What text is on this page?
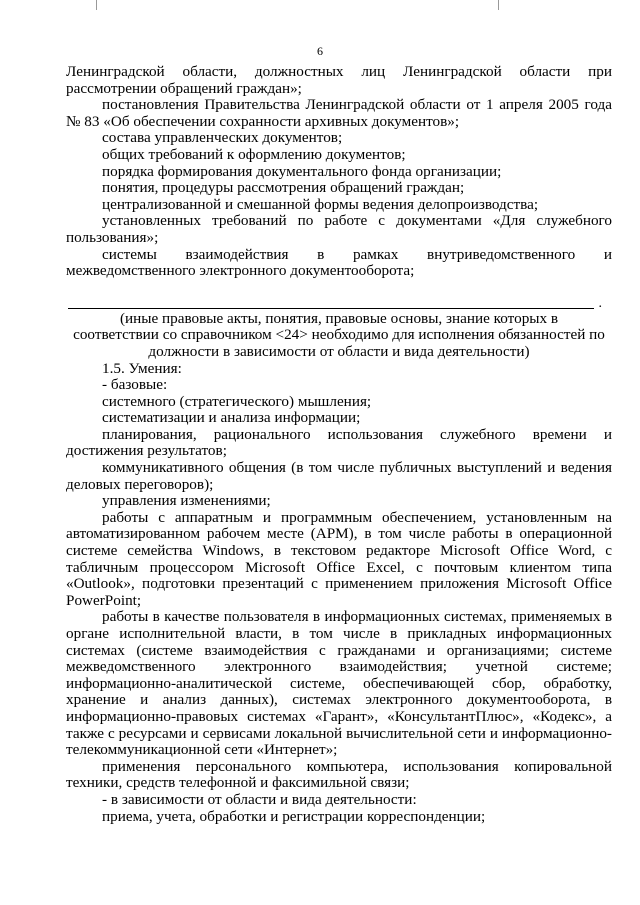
6

Ленинградской области, должностных лиц Ленинградской области при рассмотрении обращений граждан»;

постановления Правительства Ленинградской области от 1 апреля 2005 года № 83 «Об обеспечении сохранности архивных документов»;

состава управленческих документов;

общих требований к оформлению документов;

порядка формирования документального фонда организации;

понятия, процедуры рассмотрения обращений граждан;

централизованной и смешанной формы ведения делопроизводства;

установленных требований по работе с документами «Для служебного пользования»;

системы взаимодействия в рамках внутриведомственного и межведомственного электронного документооборота;

.
(иные правовые акты, понятия, правовые основы, знание которых в
соответствии со справочником <24> необходимо для исполнения обязанностей по
должности в зависимости от области и вида деятельности)

1.5. Умения:

- базовые:

системного (стратегического) мышления;

систематизации и анализа информации;

планирования, рационального использования служебного времени и достижения результатов;

коммуникативного общения (в том числе публичных выступлений и ведения деловых переговоров);

управления изменениями;

работы с аппаратным и программным обеспечением, установленным на автоматизированном рабочем месте (АРМ), в том числе работы в операционной системе семейства Windows, в текстовом редакторе Microsoft Office Word, с табличным процессором Microsoft Office Excel, с почтовым клиентом типа «Outlook», подготовки презентаций с применением приложения Microsoft Office PowerPoint;

работы в качестве пользователя в информационных системах, применяемых в органе исполнительной власти, в том числе в прикладных информационных системах (системе взаимодействия с гражданами и организациями; системе межведомственного электронного взаимодействия; учетной системе; информационно-аналитической системе, обеспечивающей сбор, обработку, хранение и анализ данных), системах электронного документооборота, в информационно-правовых системах «Гарант», «КонсультантПлюс», «Кодекс», а также с ресурсами и сервисами локальной вычислительной сети и информационно-телекоммуникационной сети «Интернет»;

применения персонального компьютера, использования копировальной техники, средств телефонной и факсимильной связи;

- в зависимости от области и вида деятельности:

приема, учета, обработки и регистрации корреспонденции;
